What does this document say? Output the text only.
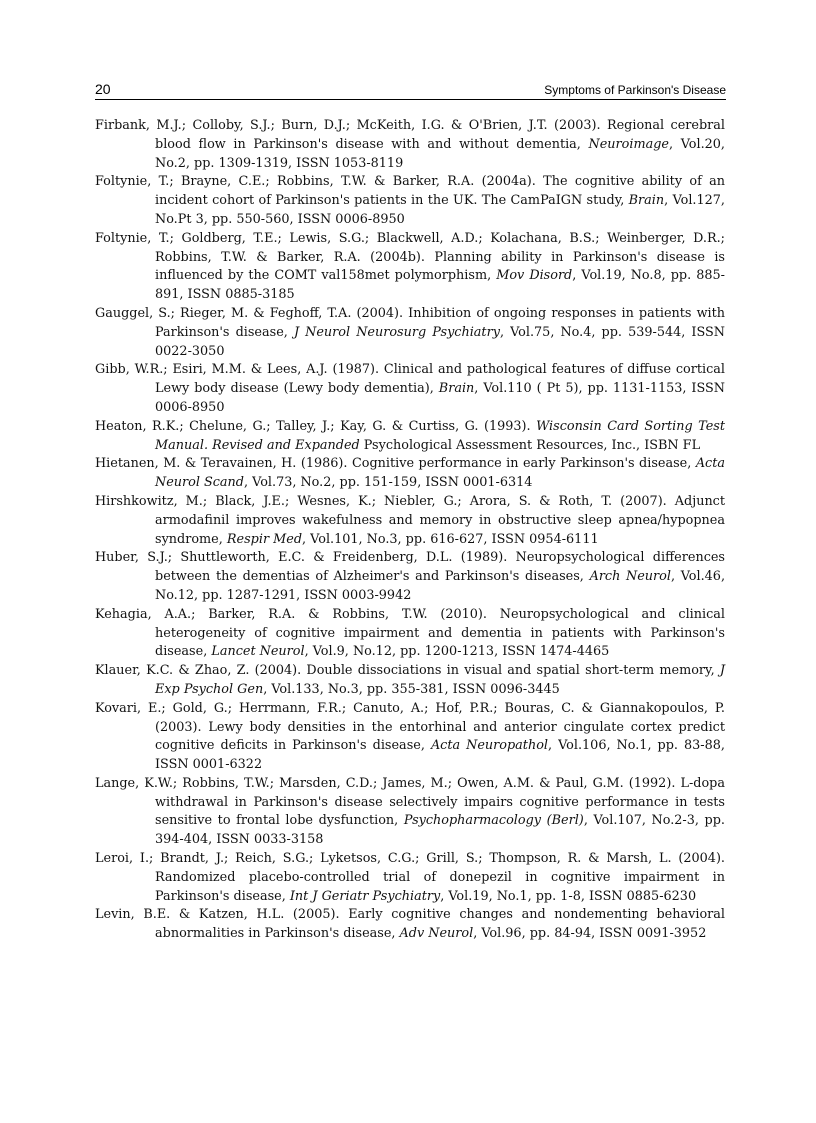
20	Symptoms of Parkinson's Disease

Firbank, M.J.; Colloby, S.J.; Burn, D.J.; McKeith, I.G. & O'Brien, J.T. (2003). Regional cerebral blood flow in Parkinson's disease with and without dementia, Neuroimage, Vol.20, No.2, pp. 1309-1319, ISSN 1053-8119

Foltynie, T.; Brayne, C.E.; Robbins, T.W. & Barker, R.A. (2004a). The cognitive ability of an incident cohort of Parkinson's patients in the UK. The CamPaIGN study, Brain, Vol.127, No.Pt 3, pp. 550-560, ISSN 0006-8950

Foltynie, T.; Goldberg, T.E.; Lewis, S.G.; Blackwell, A.D.; Kolachana, B.S.; Weinberger, D.R.; Robbins, T.W. & Barker, R.A. (2004b). Planning ability in Parkinson's disease is influenced by the COMT val158met polymorphism, Mov Disord, Vol.19, No.8, pp. 885-891, ISSN 0885-3185

Gauggel, S.; Rieger, M. & Feghoff, T.A. (2004). Inhibition of ongoing responses in patients with Parkinson's disease, J Neurol Neurosurg Psychiatry, Vol.75, No.4, pp. 539-544, ISSN 0022-3050

Gibb, W.R.; Esiri, M.M. & Lees, A.J. (1987). Clinical and pathological features of diffuse cortical Lewy body disease (Lewy body dementia), Brain, Vol.110 ( Pt 5), pp. 1131-1153, ISSN 0006-8950

Heaton, R.K.; Chelune, G.; Talley, J.; Kay, G. & Curtiss, G. (1993). Wisconsin Card Sorting Test Manual. Revised and Expanded Psychological Assessment Resources, Inc., ISBN FL

Hietanen, M. & Teravainen, H. (1986). Cognitive performance in early Parkinson's disease, Acta Neurol Scand, Vol.73, No.2, pp. 151-159, ISSN 0001-6314

Hirshkowitz, M.; Black, J.E.; Wesnes, K.; Niebler, G.; Arora, S. & Roth, T. (2007). Adjunct armodafinil improves wakefulness and memory in obstructive sleep apnea/hypopnea syndrome, Respir Med, Vol.101, No.3, pp. 616-627, ISSN 0954-6111

Huber, S.J.; Shuttleworth, E.C. & Freidenberg, D.L. (1989). Neuropsychological differences between the dementias of Alzheimer's and Parkinson's diseases, Arch Neurol, Vol.46, No.12, pp. 1287-1291, ISSN 0003-9942

Kehagia, A.A.; Barker, R.A. & Robbins, T.W. (2010). Neuropsychological and clinical heterogeneity of cognitive impairment and dementia in patients with Parkinson's disease, Lancet Neurol, Vol.9, No.12, pp. 1200-1213, ISSN 1474-4465

Klauer, K.C. & Zhao, Z. (2004). Double dissociations in visual and spatial short-term memory, J Exp Psychol Gen, Vol.133, No.3, pp. 355-381, ISSN 0096-3445

Kovari, E.; Gold, G.; Herrmann, F.R.; Canuto, A.; Hof, P.R.; Bouras, C. & Giannakopoulos, P. (2003). Lewy body densities in the entorhinal and anterior cingulate cortex predict cognitive deficits in Parkinson's disease, Acta Neuropathol, Vol.106, No.1, pp. 83-88, ISSN 0001-6322

Lange, K.W.; Robbins, T.W.; Marsden, C.D.; James, M.; Owen, A.M. & Paul, G.M. (1992). L-dopa withdrawal in Parkinson's disease selectively impairs cognitive performance in tests sensitive to frontal lobe dysfunction, Psychopharmacology (Berl), Vol.107, No.2-3, pp. 394-404, ISSN 0033-3158

Leroi, I.; Brandt, J.; Reich, S.G.; Lyketsos, C.G.; Grill, S.; Thompson, R. & Marsh, L. (2004). Randomized placebo-controlled trial of donepezil in cognitive impairment in Parkinson's disease, Int J Geriatr Psychiatry, Vol.19, No.1, pp. 1-8, ISSN 0885-6230

Levin, B.E. & Katzen, H.L. (2005). Early cognitive changes and nondementing behavioral abnormalities in Parkinson's disease, Adv Neurol, Vol.96, pp. 84-94, ISSN 0091-3952
